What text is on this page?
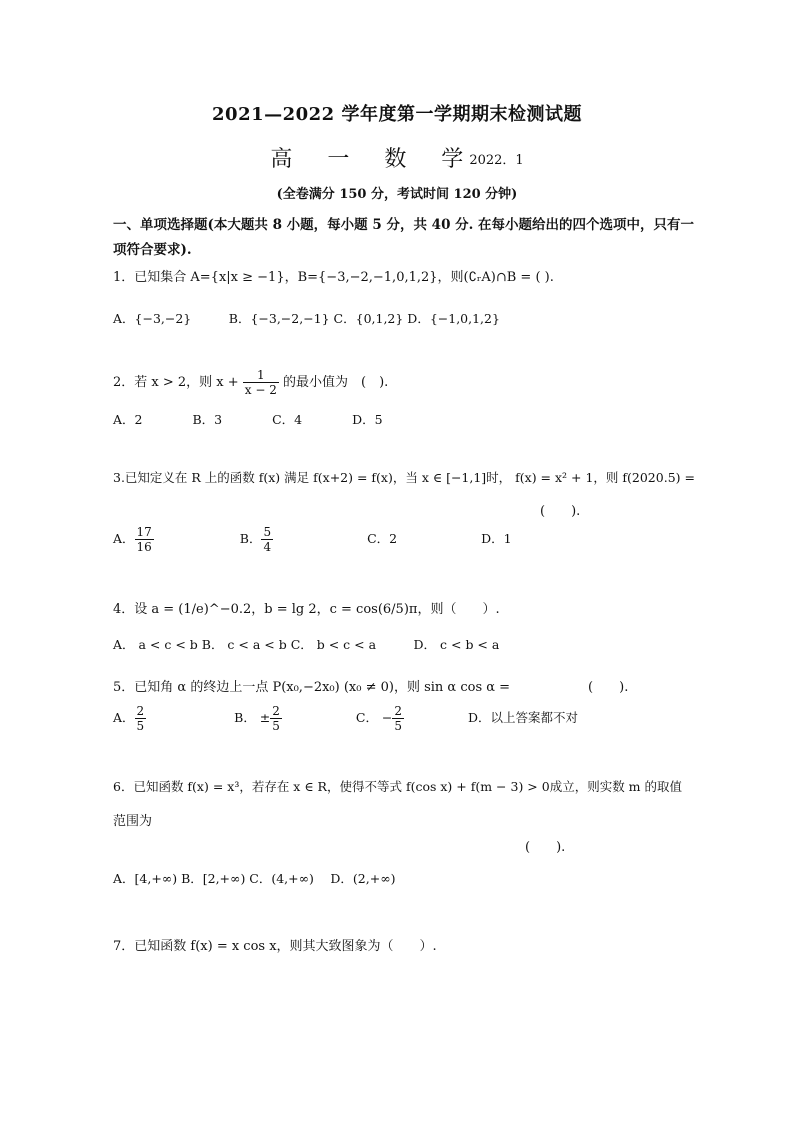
2021—2022 学年度第一学期期末检测试题
高 一 数 学2022．1
(全卷满分 150 分，考试时间 120 分钟)
一、单项选择题(本大题共 8 小题，每小题 5 分，共 40 分. 在每小题给出的四个选项中，只有一项符合要求).
1．已知集合 A={x|x ≥ −1}，B={−3,−2,−1,0,1,2}，则(∁ᵣA)∩B = ( ).
A．{−3,−2}　　　B．{−3,−2,−1} C．{0,1,2} D．{−1,0,1,2}
2．若 x > 2，则 $x + \frac{1}{x - 2}$ 的最小值为　(　).
A．2　　　　B．3　　　　C．4　　　　D．5
3.已知定义在 R 上的函数 f(x) 满足 f(x+2) = f(x)，当 x ∈ [−1,1]时， f(x) = x² + 1，则 f(2020.5) =
(　　).
A． $\frac{17}{16}$	B． $\frac{5}{4}$	C．2	D．1
4．设 a = (1/e)^−0.2，b = lg 2，c = cos(6/5)π，则（　　）.
A． a < c < b B． c < a < b C． b < c < a　　　D． c < b < a
5．已知角 α 的终边上一点 P(x₀,−2x₀) (x₀ ≠ 0)，则 sin α cos α =　　　　　　(　　).
A． $\frac{2}{5}$	B． ± $\frac{2}{5}$	C． − $\frac{2}{5}$	D．以上答案都不对
6．已知函数 f(x) = x³，若存在 x ∈ R，使得不等式 f(cos x) + f(m − 3) > 0成立，则实数 m 的取值
范围为
(　　).
A．[4,+∞) B．[2,+∞) C．(4,+∞)　 D．(2,+∞)
7．已知函数 f(x) = x cos x，则其大致图象为（　　）.
